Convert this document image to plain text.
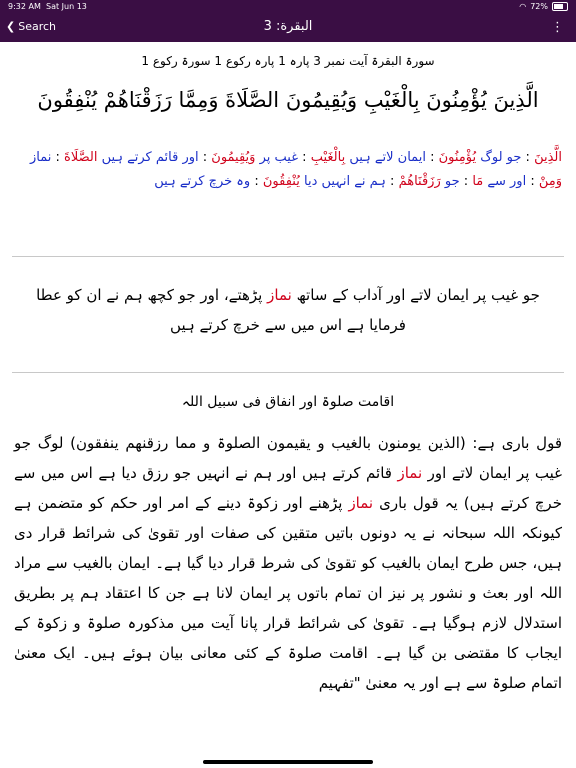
9:32 AM Sat Jun 13	◠ 72%
❮ Search	البقرة: 3	⋮
سورۃ البقرۃ آیت نمبر 3 پارہ 1 پارہ رکوع 1 سورۃ رکوع 1
الَّذِينَ يُؤْمِنُونَ بِالْغَيْبِ وَيُقِيمُونَ الصَّلَاةَ وَمِمَّا رَزَقْنَاهُمْ يُنْفِقُونَ
الَّذِينَ : جو لوگ يُؤْمِنُونَ : ایمان لاتے ہیں بِالْغَيْبِ : غیب پر وَيُقِيمُونَ : اور قائم کرتے ہیں الصَّلَاةَ : نماز وَمِنْ : اور سے مَا : جو رَزَقْنَاهُمْ : ہم نے انہیں دیا يُنْفِقُونَ : وہ خرچ کرتے ہیں
جو غیب پر ایمان لاتے اور آداب کے ساتھ نماز پڑھتے، اور جو کچھ ہم نے ان کو عطا فرمایا ہے اس میں سے خرچ کرتے ہیں
اقامت صلوۃ اور انفاق فی سبیل اللہ
قول باری ہے: (الذین یومنون بالغیب و یقیمون الصلوۃ و مما رزقنھم ینفقون) لوگ جو غیب پر ایمان لاتے اور نماز قائم کرتے ہیں اور ہم نے انہیں جو رزق دیا ہے اس میں سے خرچ کرتے ہیں) یہ قول باری نماز پڑھنے اور زکوۃ دینے کے امر اور حکم کو متضمن ہے کیونکہ اللہ سبحانہ نے یہ دونوں باتیں متقین کی صفات اور تقویٰ کی شرائط قرار دی ہیں، جس طرح ایمان بالغیب کو تقویٰ کی شرط قرار دیا گیا ہے۔ ایمان بالغیب سے مراد اللہ اور بعث و نشور پر نیز ان تمام باتوں پر ایمان لانا ہے جن کا اعتقاد ہم پر بطریق استدلال لازم ہوگیا ہے۔ تقویٰ کی شرائط قرار پانا آیت میں مذکورہ صلوۃ و زکوۃ کے ایجاب کا مقتضی بن گیا ہے۔ اقامت صلوۃ کے کئی معانی بیان ہوئے ہیں۔ ایک معنیٰ اتمام صلوۃ سے ہے اور یہ معنیٰ "تفہیم
